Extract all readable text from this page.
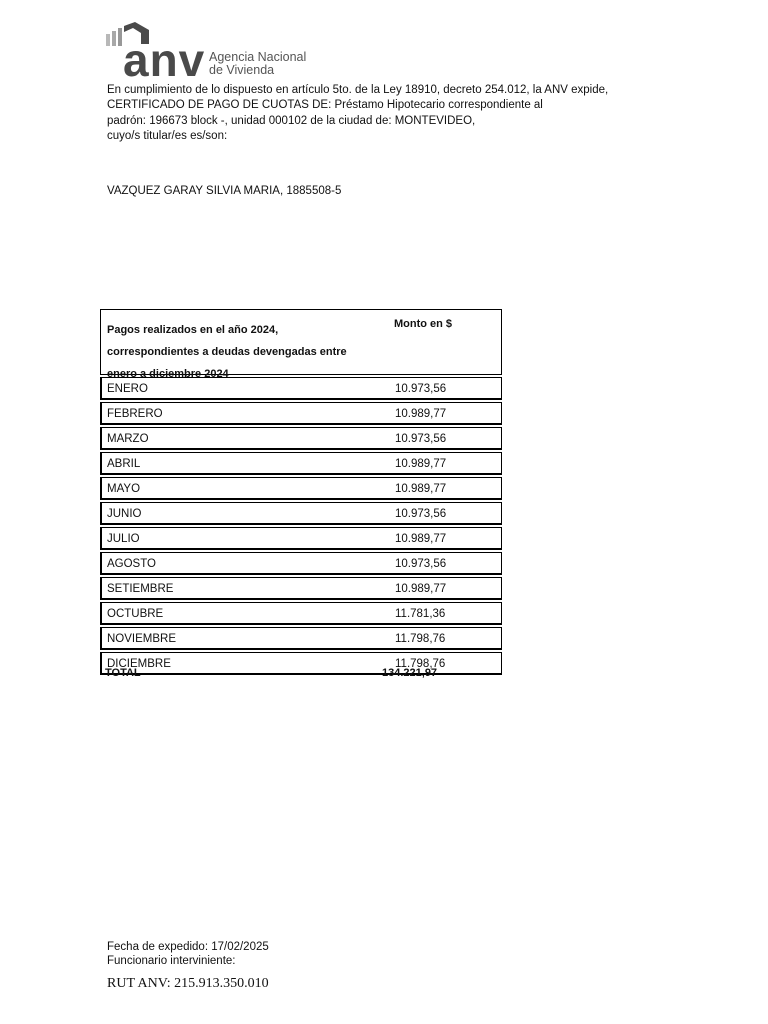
anv Agencia Nacional
de Vivienda
En cumplimiento de lo dispuesto en artículo 5to. de la Ley 18910, decreto 254.012, la ANV expide,
CERTIFICADO DE PAGO DE CUOTAS DE: Préstamo Hipotecario correspondiente al
padrón: 196673 block -, unidad 000102 de la ciudad de: MONTEVIDEO,
cuyo/s titular/es es/son:
VAZQUEZ GARAY SILVIA MARIA, 1885508-5
Pagos realizados en el año 2024,
correspondientes a deudas devengadas entre
enero a diciembre 2024
Monto en $
ENERO	10.973,56
FEBRERO	10.989,77
MARZO	10.973,56
ABRIL	10.989,77
MAYO	10.989,77
JUNIO	10.973,56
JULIO	10.989,77
AGOSTO	10.973,56
SETIEMBRE	10.989,77
OCTUBRE	11.781,36
NOVIEMBRE	11.798,76
DICIEMBRE	11.798,76
TOTAL	134.221,97
Fecha de expedido: 17/02/2025
Funcionario interviniente:
RUT ANV: 215.913.350.010
